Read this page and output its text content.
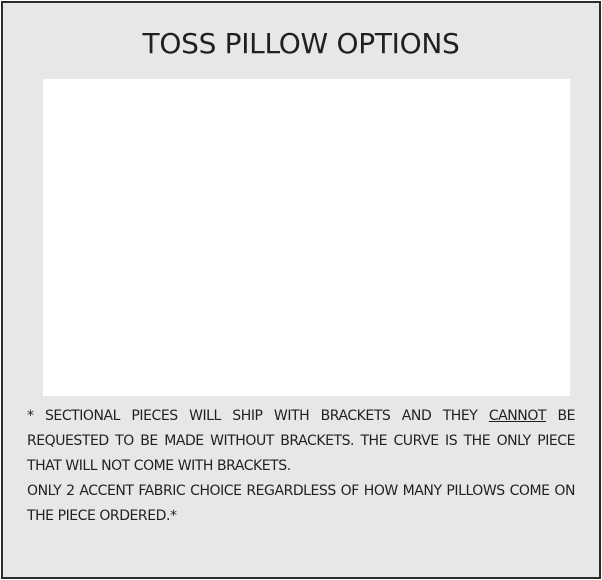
TOSS PILLOW OPTIONS

* SECTIONAL PIECES WILL SHIP WITH BRACKETS AND THEY CANNOT BE REQUESTED TO BE MADE WITHOUT BRACKETS. THE CURVE IS THE ONLY PIECE THAT WILL NOT COME WITH BRACKETS.

ONLY 2 ACCENT FABRIC CHOICE REGARDLESS OF HOW MANY PILLOWS COME ON THE PIECE ORDERED.*
